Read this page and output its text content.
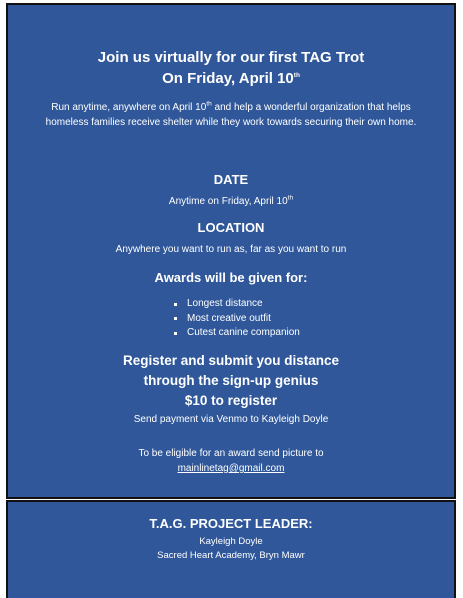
Join us virtually for our first TAG Trot
On Friday, April 10th
Run anytime, anywhere on April 10th and help a wonderful organization that helps homeless families receive shelter while they work towards securing their own home.
DATE
Anytime on Friday, April 10th
LOCATION
Anywhere you want to run as, far as you want to run
Awards will be given for:
Longest distance
Most creative outfit
Cutest canine companion
Register and submit you distance
through the sign-up genius
$10 to register
Send payment via Venmo to Kayleigh Doyle
To be eligible for an award send picture to
mainlinetag@gmail.com
T.A.G. PROJECT LEADER:
Kayleigh Doyle
Sacred Heart Academy, Bryn Mawr
